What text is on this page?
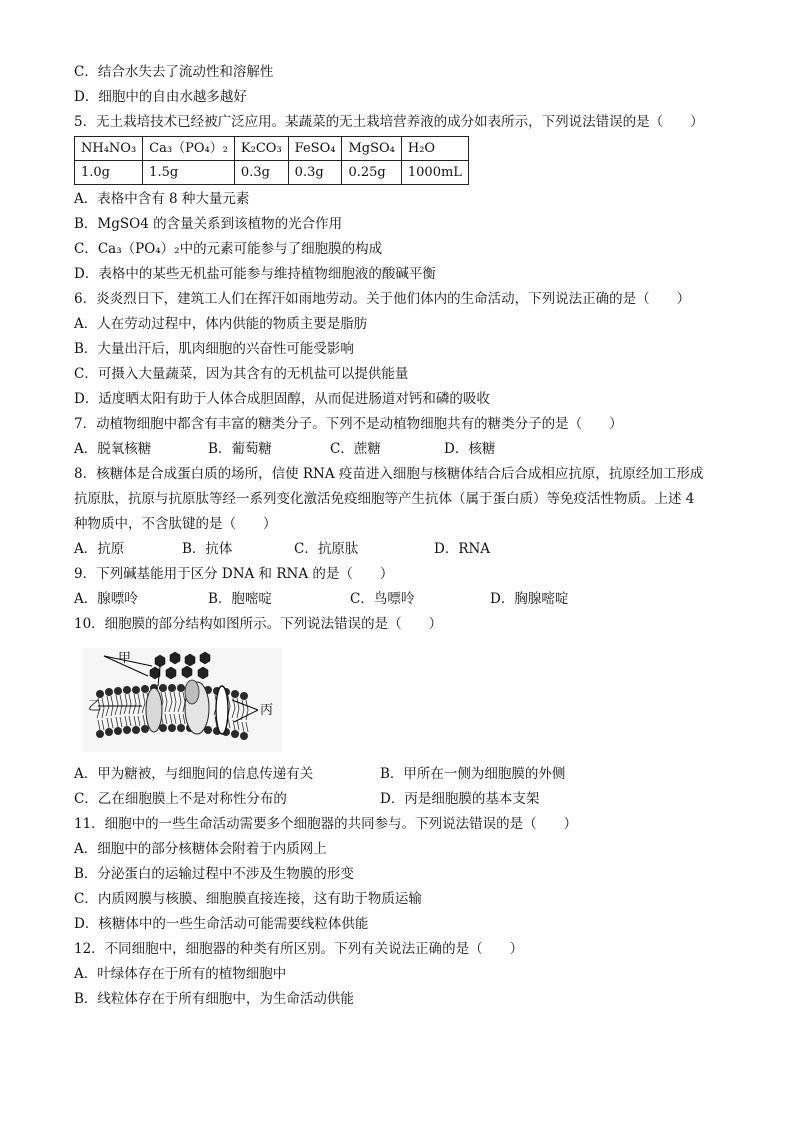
C．结合水失去了流动性和溶解性
D．细胞中的自由水越多越好
5．无土栽培技术已经被广泛应用。某蔬菜的无土栽培营养液的成分如表所示，下列说法错误的是（　　）
NH₄NO₃	Ca₃（PO₄）₂	K₂CO₃	FeSO₄	MgSO₄	H₂O
1.0g	1.5g	0.3g	0.3g	0.25g	1000mL
A．表格中含有 8 种大量元素
B．MgSO4 的含量关系到该植物的光合作用
C．Ca₃（PO₄）₂中的元素可能参与了细胞膜的构成
D．表格中的某些无机盐可能参与维持植物细胞液的酸碱平衡
6．炎炎烈日下，建筑工人们在挥汗如雨地劳动。关于他们体内的生命活动，下列说法正确的是（　　）
A．人在劳动过程中，体内供能的物质主要是脂肪
B．大量出汗后，肌肉细胞的兴奋性可能受影响
C．可摄入大量蔬菜，因为其含有的无机盐可以提供能量
D．适度晒太阳有助于人体合成胆固醇，从而促进肠道对钙和磷的吸收
7．动植物细胞中都含有丰富的糖类分子。下列不是动植物细胞共有的糖类分子的是（　　）
A．脱氧核糖	B．葡萄糖	C．蔗糖	D．核糖
8．核糖体是合成蛋白质的场所，信使 RNA 疫苗进入细胞与核糖体结合后合成相应抗原，抗原经加工形成
抗原肽，抗原与抗原肽等经一系列变化激活免疫细胞等产生抗体（属于蛋白质）等免疫活性物质。上述 4
种物质中，不含肽键的是（　　）
A．抗原	B．抗体	C．抗原肽	D．RNA
9．下列碱基能用于区分 DNA 和 RNA 的是（　　）
A．腺嘌呤	B．胞嘧啶	C．鸟嘌呤	D．胸腺嘧啶
10．细胞膜的部分结构如图所示。下列说法错误的是（　　）
甲
乙	丙
A．甲为糖被，与细胞间的信息传递有关	B．甲所在一侧为细胞膜的外侧
C．乙在细胞膜上不是对称性分布的	D．丙是细胞膜的基本支架
11．细胞中的一些生命活动需要多个细胞器的共同参与。下列说法错误的是（　　）
A．细胞中的部分核糖体会附着于内质网上
B．分泌蛋白的运输过程中不涉及生物膜的形变
C．内质网膜与核膜、细胞膜直接连接，这有助于物质运输
D．核糖体中的一些生命活动可能需要线粒体供能
12．不同细胞中，细胞器的种类有所区别。下列有关说法正确的是（　　）
A．叶绿体存在于所有的植物细胞中
B．线粒体存在于所有细胞中，为生命活动供能
